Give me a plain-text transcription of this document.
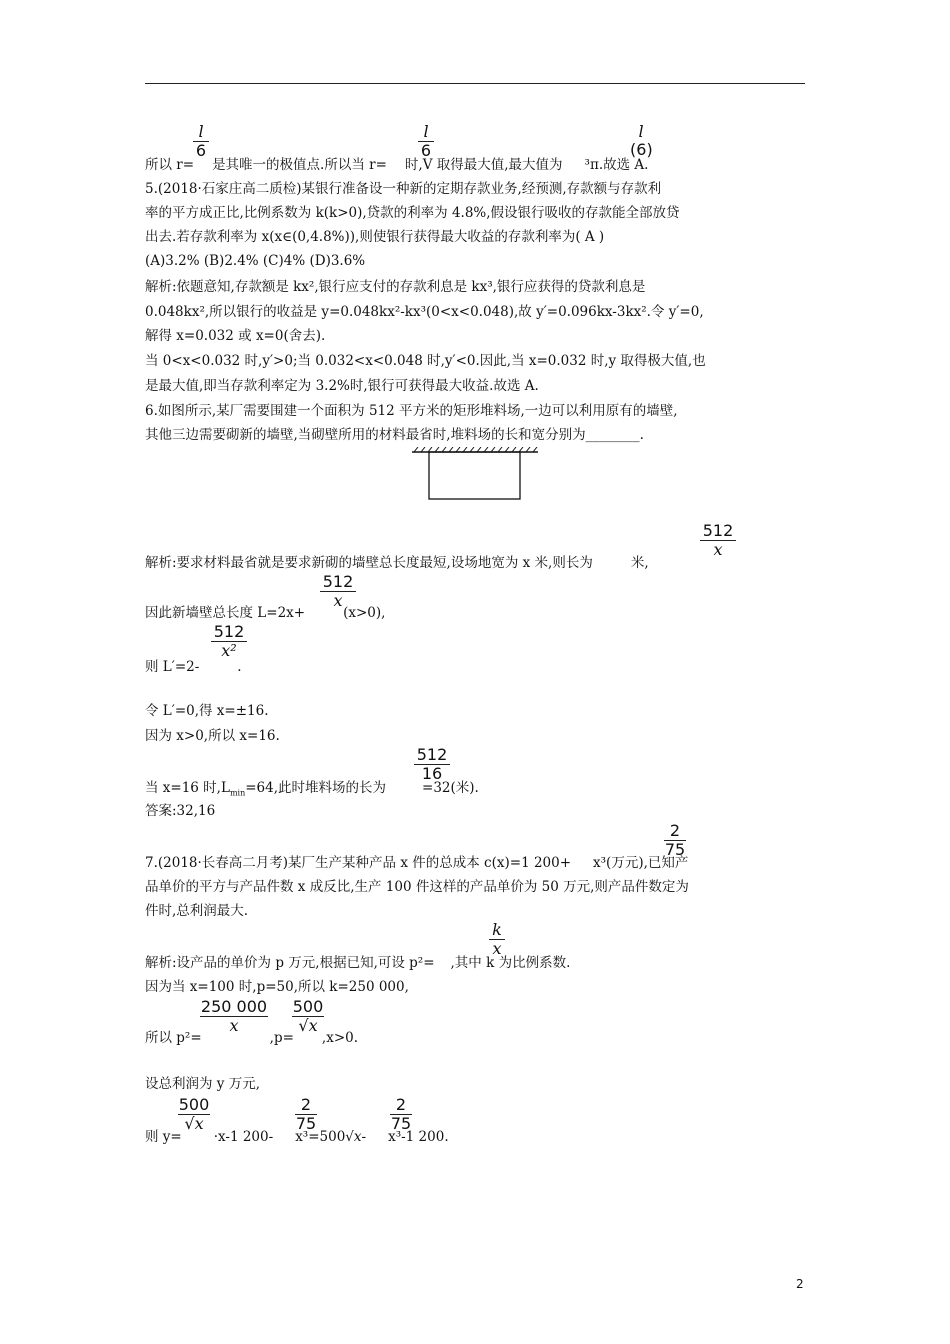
$\frac{l}{6}$	$\frac{l}{6}$	l
(6)
所以 r= 是其唯一的极值点.所以当 r= 时,V 取得最大值,最大值为 ³π.故选 A.
5.(2018·石家庄高二质检)某银行准备设一种新的定期存款业务,经预测,存款额与存款利
率的平方成正比,比例系数为 k(k>0),贷款的利率为 4.8%,假设银行吸收的存款能全部放贷
出去.若存款利率为 x(x∈(0,4.8%)),则使银行获得最大收益的存款利率为( A )
(A)3.2% (B)2.4% (C)4% (D)3.6%
解析:依题意知,存款额是 kx²,银行应支付的存款利息是 kx³,银行应获得的贷款利息是
0.048kx²,所以银行的收益是 y=0.048kx²-kx³(0<x<0.048),故 y′=0.096kx-3kx².令 y′=0,
解得 x=0.032 或 x=0(舍去).
当 0<x<0.032 时,y′>0;当 0.032<x<0.048 时,y′<0.因此,当 x=0.032 时,y 取得极大值,也
是最大值,即当存款利率定为 3.2%时,银行可获得最大收益.故选 A.
6.如图所示,某厂需要围建一个面积为 512 平方米的矩形堆料场,一边可以利用原有的墙壁,
其他三边需要砌新的墙壁,当砌壁所用的材料最省时,堆料场的长和宽分别为________.
$\frac{512}{x}$
解析:要求材料最省就是要求新砌的墙壁总长度最短,设场地宽为 x 米,则长为	米,
$\frac{512}{x}$
因此新墙壁总长度 L=2x+	(x>0),
$\frac{512}{\text{x²}}$
则 L′=2-	.
令 L′=0,得 x=±16.
因为 x>0,所以 x=16.
$\frac{512}{16}$
当 x=16 时$,L_{min}=64$,此时堆料场的长为	=32(米).
答案:32,16
$\frac{2}{75}$
7.(2018·长春高二月考)某厂生产某种产品 x 件的总成本 c(x)=1 200+ x³(万元),已知产
品单价的平方与产品件数 x 成反比,生产 100 件这样的产品单价为 50 万元,则产品件数定为
件时,总利润最大.
$\frac{k}{x}$
解析:设产品的单价为 p 万元,根据已知,可设 p²= ,其中 k 为比例系数.
因为当 x=100 时,p=50,所以 k=250 000,
$\frac{250 000}{x} \frac{500}{√x}$
所以 p²=	,p= ,x>0.
设总利润为 y 万元,
$\frac{500}{√x}$	$\frac{2}{75}$	$\frac{2}{75}$
则 y= ·x-1 200- x³=500√x- x³-1 200.
2
